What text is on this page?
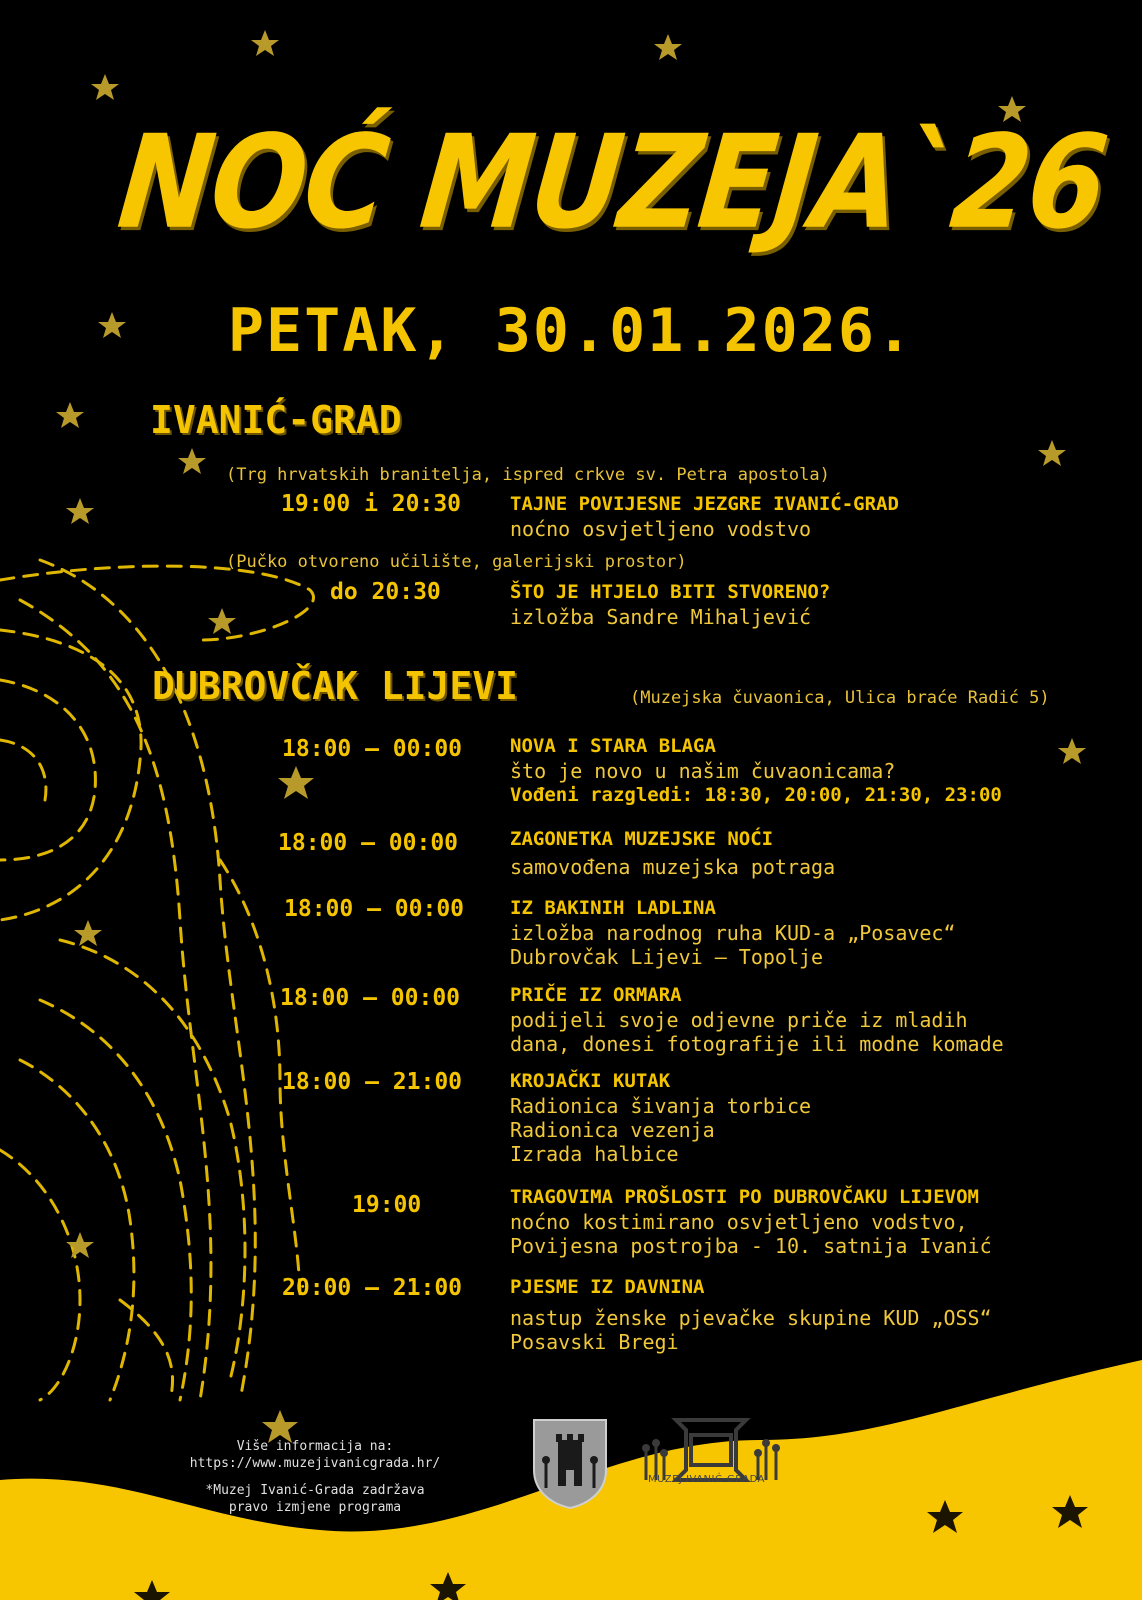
NOĆ MUZEJA`26
PETAK, 30.01.2026.
IVANIĆ-GRAD
(Trg hrvatskih branitelja, ispred crkve sv. Petra apostola)
19:00 i 20:30	TAJNE POVIJESNE JEZGRE IVANIĆ-GRAD
noćno osvjetljeno vodstvo
(Pučko otvoreno učilište, galerijski prostor)
do 20:30	ŠTO JE HTJELO BITI STVORENO?
izložba Sandre Mihaljević
DUBROVČAK LIJEVI	(Muzejska čuvaonica, Ulica braće Radić 5)
18:00 – 00:00	NOVA I STARA BLAGA
što je novo u našim čuvaonicama?
Vođeni razgledi: 18:30, 20:00, 21:30, 23:00
18:00 – 00:00	ZAGONETKA MUZEJSKE NOĆI
samovođena muzejska potraga
18:00 – 00:00 IZ BAKINIH LADLINA
izložba narodnog ruha KUD-a „Posavec“
Dubrovčak Lijevi – Topolje
18:00 – 00:00	PRIČE IZ ORMARA
podijeli svoje odjevne priče iz mladih
dana, donesi fotografije ili modne komade
18:00 – 21:00	KROJAČKI KUTAK
Radionica šivanja torbice
Radionica vezenja
Izrada halbice
19:00	TRAGOVIMA PROŠLOSTI PO DUBROVČAKU LIJEVOM
noćno kostimirano osvjetljeno vodstvo,
Povijesna postrojba - 10. satnija Ivanić
20:00 – 21:00	PJESME IZ DAVNINA
nastup ženske pjevačke skupine KUD „OSS“
Posavski Bregi
Više informacija na:
https://www.muzejivanicgrada.hr/
*Muzej Ivanić-Grada zadržava
pravo izmjene programa
MUZEJ IVANIĆ-GRADA
